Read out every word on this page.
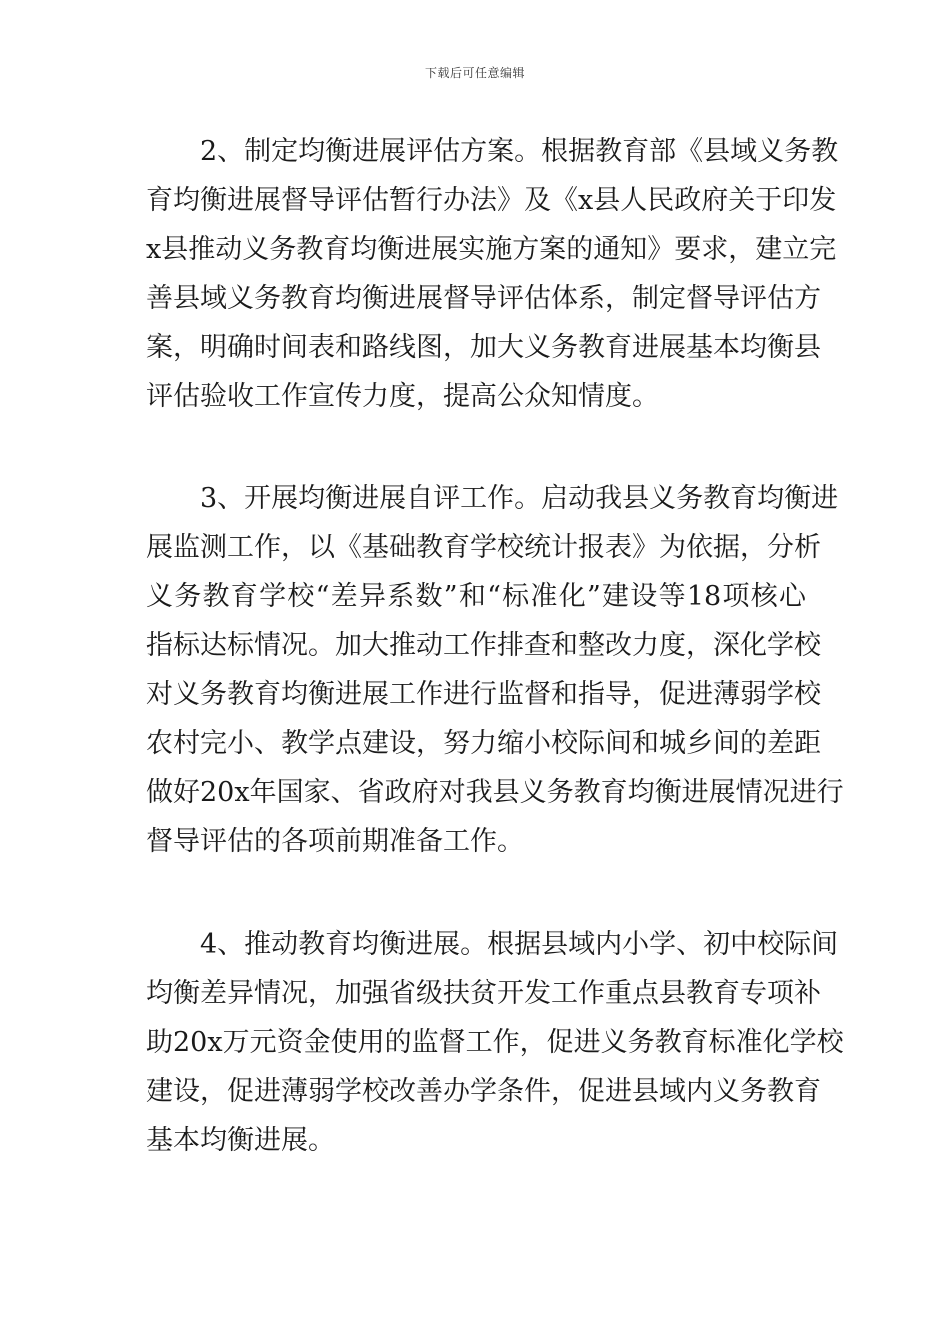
下载后可任意编辑
2、制定均衡进展评估方案。根据教育部《县域义务教
育均衡进展督导评估暂行办法》及《x县人民政府关于印发
x县推动义务教育均衡进展实施方案的通知》要求，建立完
善县域义务教育均衡进展督导评估体系，制定督导评估方
案，明确时间表和路线图，加大义务教育进展基本均衡县
评估验收工作宣传力度，提高公众知情度。
3、开展均衡进展自评工作。启动我县义务教育均衡进
展监测工作，以《基础教育学校统计报表》为依据，分析
义务教育学校“差异系数”和“标准化”建设等18项核心
指标达标情况。加大推动工作排查和整改力度，深化学校
对义务教育均衡进展工作进行监督和指导，促进薄弱学校
农村完小、教学点建设，努力缩小校际间和城乡间的差距
做好20x年国家、省政府对我县义务教育均衡进展情况进行
督导评估的各项前期准备工作。
4、推动教育均衡进展。根据县域内小学、初中校际间
均衡差异情况，加强省级扶贫开发工作重点县教育专项补
助20x万元资金使用的监督工作，促进义务教育标准化学校
建设，促进薄弱学校改善办学条件，促进县域内义务教育
基本均衡进展。
